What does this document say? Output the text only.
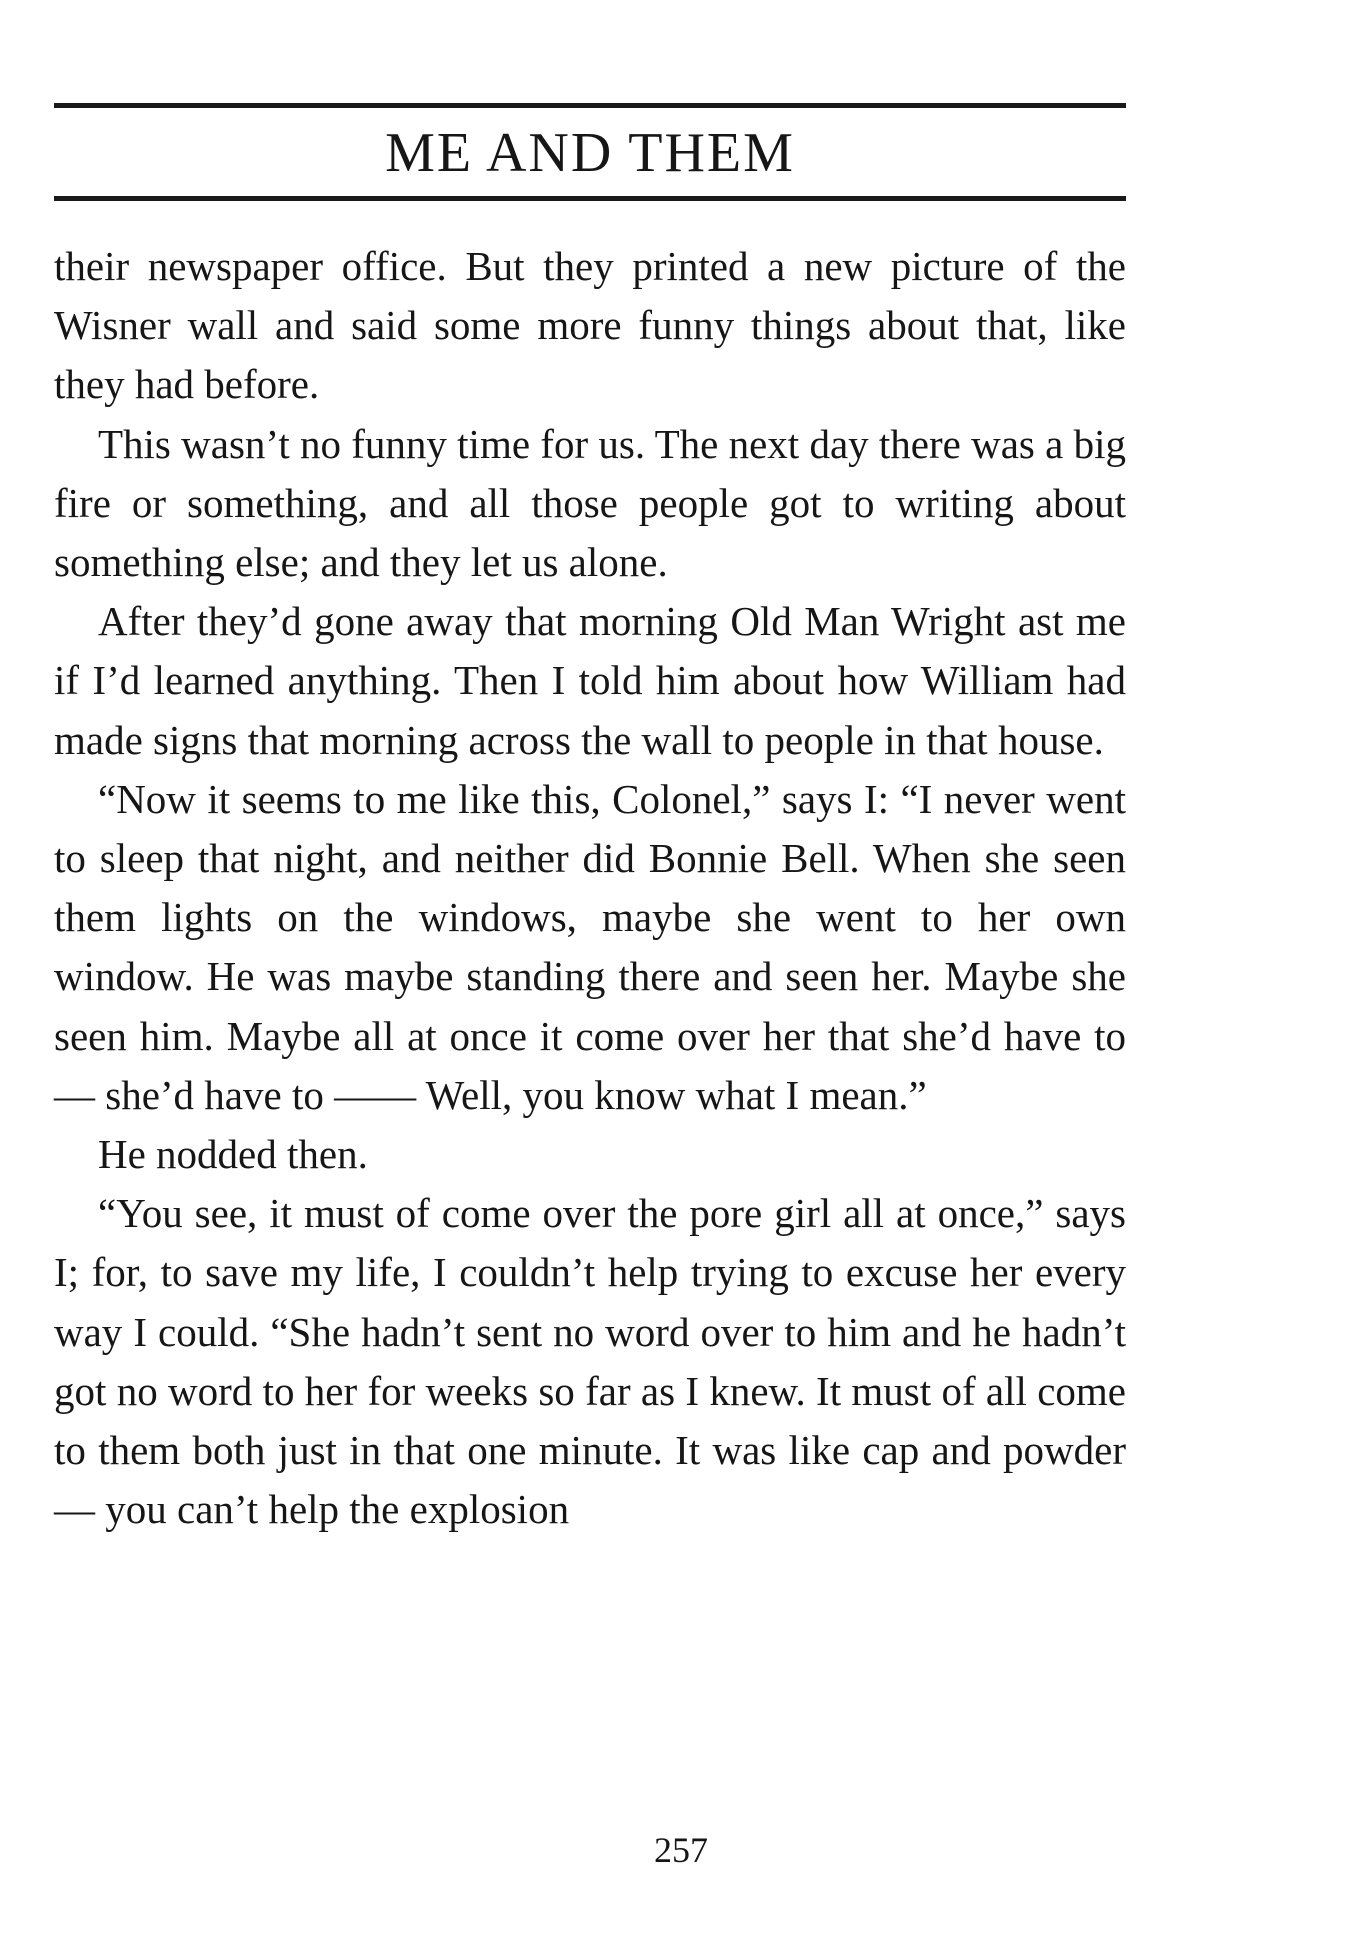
ME AND THEM

their newspaper office. But they printed a new picture of the Wisner wall and said some more funny things about that, like they had before.

This wasn’t no funny time for us. The next day there was a big fire or something, and all those people got to writing about something else; and they let us alone.

After they’d gone away that morning Old Man Wright ast me if I’d learned anything. Then I told him about how William had made signs that morning across the wall to people in that house.

“Now it seems to me like this, Colonel,” says I: “I never went to sleep that night, and neither did Bonnie Bell. When she seen them lights on the windows, maybe she went to her own window. He was maybe standing there and seen her. Maybe she seen him. Maybe all at once it come over her that she’d have to — she’d have to —— Well, you know what I mean.”

He nodded then.

“You see, it must of come over the pore girl all at once,” says I; for, to save my life, I couldn’t help trying to excuse her every way I could. “She hadn’t sent no word over to him and he hadn’t got no word to her for weeks so far as I knew. It must of all come to them both just in that one minute. It was like cap and powder — you can’t help the explosion

257
